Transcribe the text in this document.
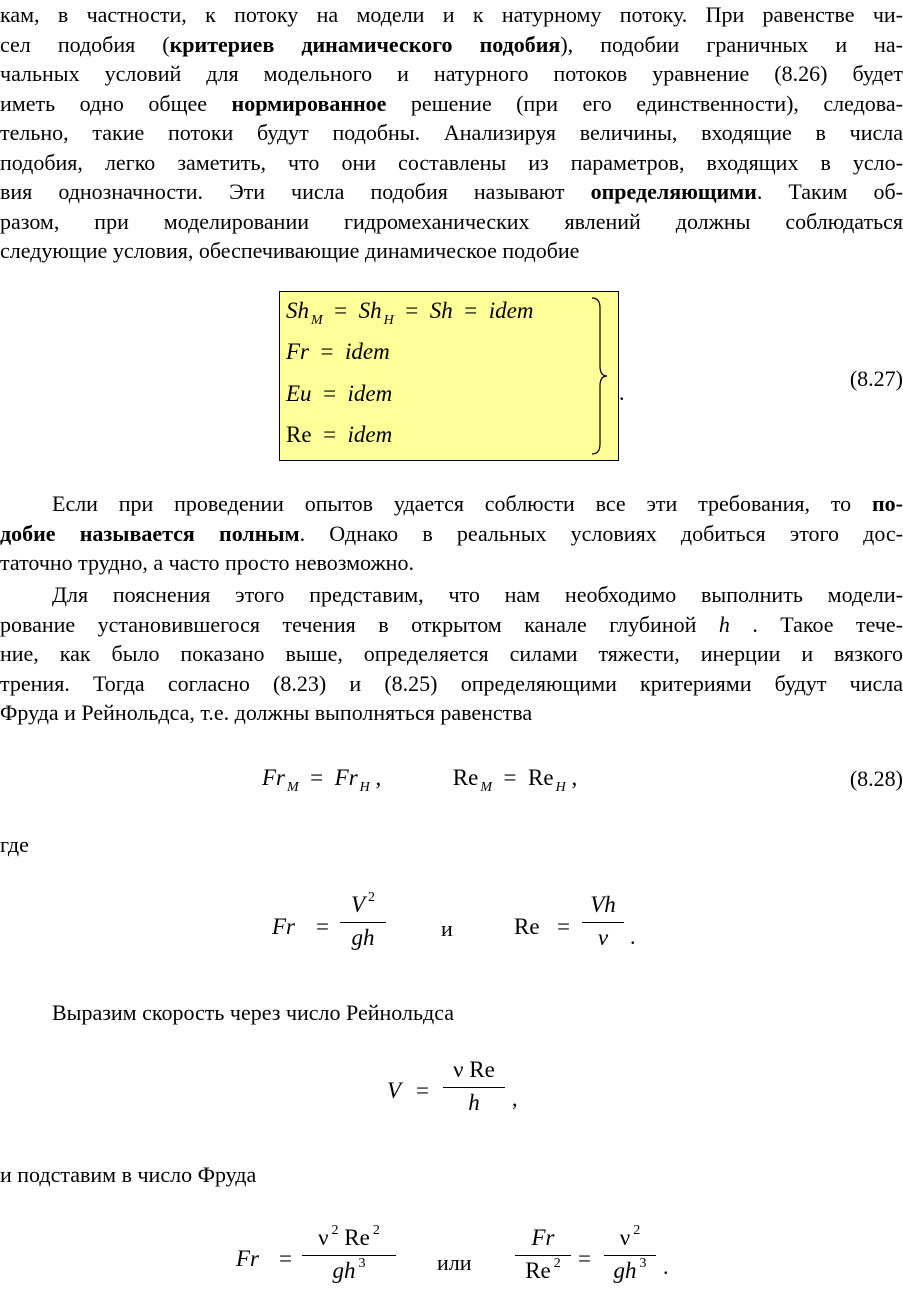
кам, в частности, к потоку на модели и к натурному потоку. При равенстве чи-
сел подобия (критериев динамического подобия), подобии граничных и на-
чальных условий для модельного и натурного потоков уравнение (8.26) будет
иметь одно общее нормированное решение (при его единственности), следова-
тельно, такие потоки будут подобны. Анализируя величины, входящие в числа
подобия, легко заметить, что они составлены из параметров, входящих в усло-
вия однозначности. Эти числа подобия называют определяющими. Таким об-
разом, при моделировании гидромеханических явлений должны соблюдаться
следующие условия, обеспечивающие динамическое подобие
Sh $_M$ = Sh $_H$ = Sh = idem
Fr = idem
Eu = idem
Re = idem
.
(8.27)
Если при проведении опытов удается соблюсти все эти требования, то по-
добие называется полным. Однако в реальных условиях добиться этого дос-
таточно трудно, а часто просто невозможно.
Для пояснения этого представим, что нам необходимо выполнить модели-
рование установившегося течения в открытом канале глубиной h . Такое тече-
ние, как было показано выше, определяется силами тяжести, инерции и вязкого
трения. Тогда согласно (8.23) и (8.25) определяющими критериями будут числа
Фруда и Рейнольдса, т.е. должны выполняться равенства
Fr $_M$ = Fr $_H$ ,	Re $_M$ = Re $_H$ ,	(8.28)
где
Fr =
V $^2$
gh	и	Re =
Vh
ν .
Выразим скорость через число Рейнольдса
V =
ν Re
h	,
и подставим в число Фруда
Fr =
ν $^2$ Re $^2$
gh $^3$	или
Fr
Re $^2$ =
ν $^2$
gh $^3$ .
